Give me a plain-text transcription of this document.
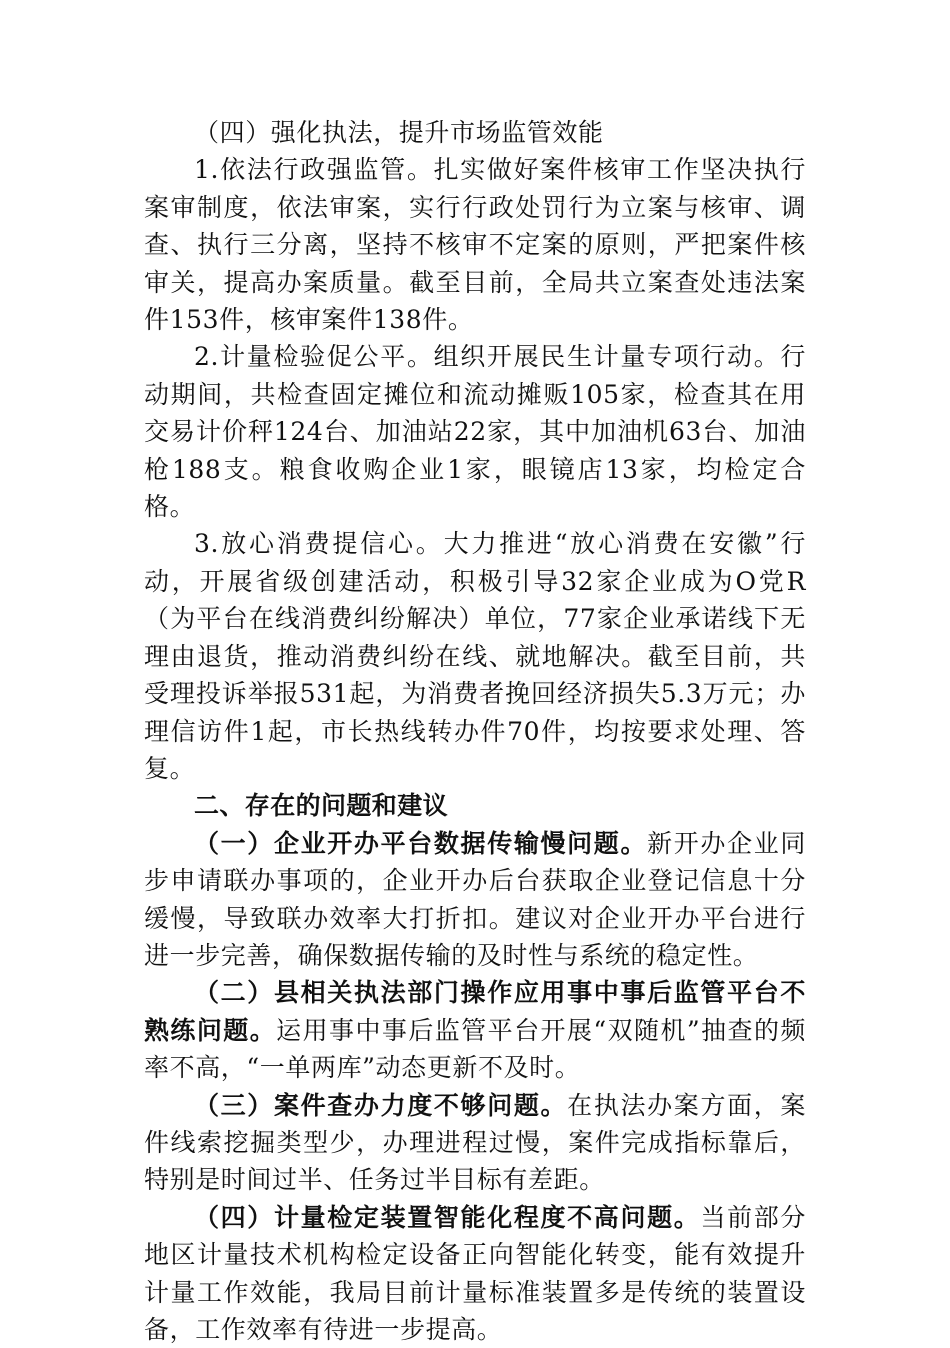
（四）强化执法，提升市场监管效能

1.依法行政强监管。扎实做好案件核审工作坚决执行案审制度，依法审案，实行行政处罚行为立案与核审、调查、执行三分离，坚持不核审不定案的原则，严把案件核审关，提高办案质量。截至目前，全局共立案查处违法案件153件，核审案件138件。

2.计量检验促公平。组织开展民生计量专项行动。行动期间，共检查固定摊位和流动摊贩105家，检查其在用交易计价秤124台、加油站22家，其中加油机63台、加油枪188支。粮食收购企业1家，眼镜店13家，均检定合格。

3.放心消费提信心。大力推进“放心消费在安徽”行动，开展省级创建活动，积极引导32家企业成为O党R（为平台在线消费纠纷解决）单位，77家企业承诺线下无理由退货，推动消费纠纷在线、就地解决。截至目前，共受理投诉举报531起，为消费者挽回经济损失5.3万元；办理信访件1起，市长热线转办件70件，均按要求处理、答复。

二、存在的问题和建议

（一）企业开办平台数据传输慢问题。新开办企业同步申请联办事项的，企业开办后台获取企业登记信息十分缓慢，导致联办效率大打折扣。建议对企业开办平台进行进一步完善，确保数据传输的及时性与系统的稳定性。

（二）县相关执法部门操作应用事中事后监管平台不熟练问题。运用事中事后监管平台开展“双随机”抽查的频率不高，“一单两库”动态更新不及时。

（三）案件查办力度不够问题。在执法办案方面，案件线索挖掘类型少，办理进程过慢，案件完成指标靠后，特别是时间过半、任务过半目标有差距。

（四）计量检定装置智能化程度不高问题。当前部分地区计量技术机构检定设备正向智能化转变，能有效提升计量工作效能，我局目前计量标准装置多是传统的装置设备，工作效率有待进一步提高。
